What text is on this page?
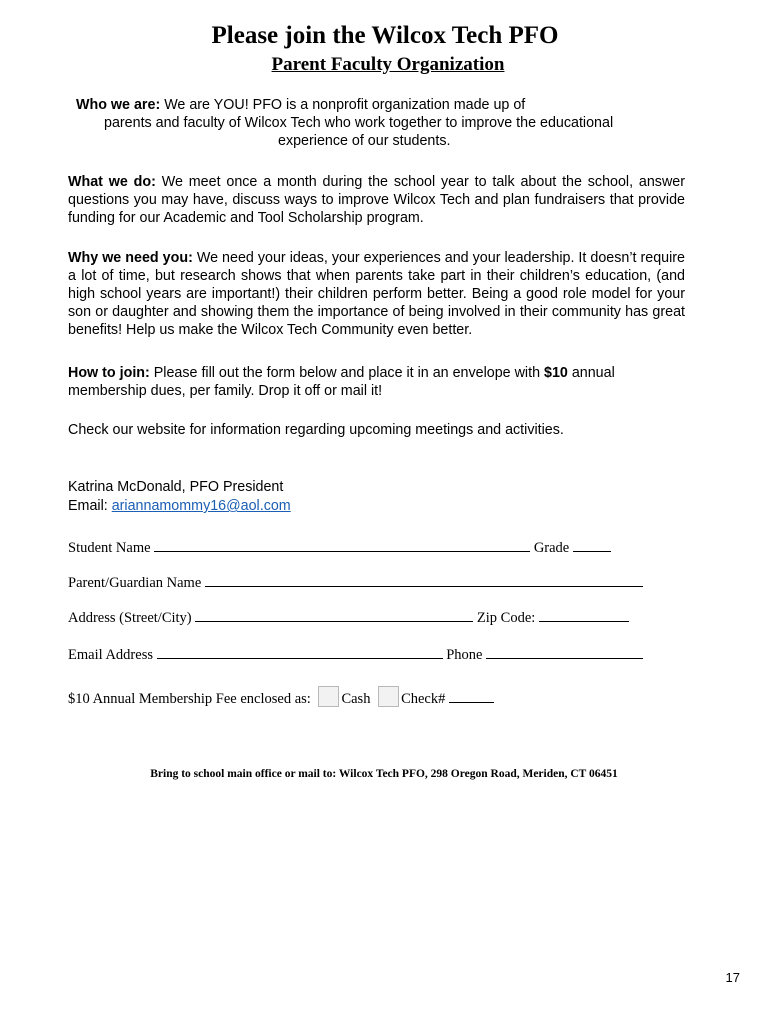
Please join the Wilcox Tech PFO
Parent Faculty Organization
Who we are: We are YOU! PFO is a nonprofit organization made up of
parents and faculty of Wilcox Tech who work together to improve the educational
experience of our students.
What we do: We meet once a month during the school year to talk about the school, answer questions you may have, discuss ways to improve Wilcox Tech and plan fundraisers that provide funding for our Academic and Tool Scholarship program.
Why we need you: We need your ideas, your experiences and your leadership. It doesn’t require a lot of time, but research shows that when parents take part in their children’s education, (and high school years are important!) their children perform better. Being a good role model for your son or daughter and showing them the importance of being involved in their community has great benefits! Help us make the Wilcox Tech Community even better.
How to join: Please fill out the form below and place it in an envelope with $10 annual membership dues, per family. Drop it off or mail it!
Check our website for information regarding upcoming meetings and activities.
Katrina McDonald, PFO President
Email: ariannamommy16@aol.com
Student Name	Grade
Parent/Guardian Name
Address (Street/City)	Zip Code:
Email Address	Phone
$10 Annual Membership Fee enclosed as: Cash Check#
Bring to school main office or mail to: Wilcox Tech PFO, 298 Oregon Road, Meriden, CT 06451
17
